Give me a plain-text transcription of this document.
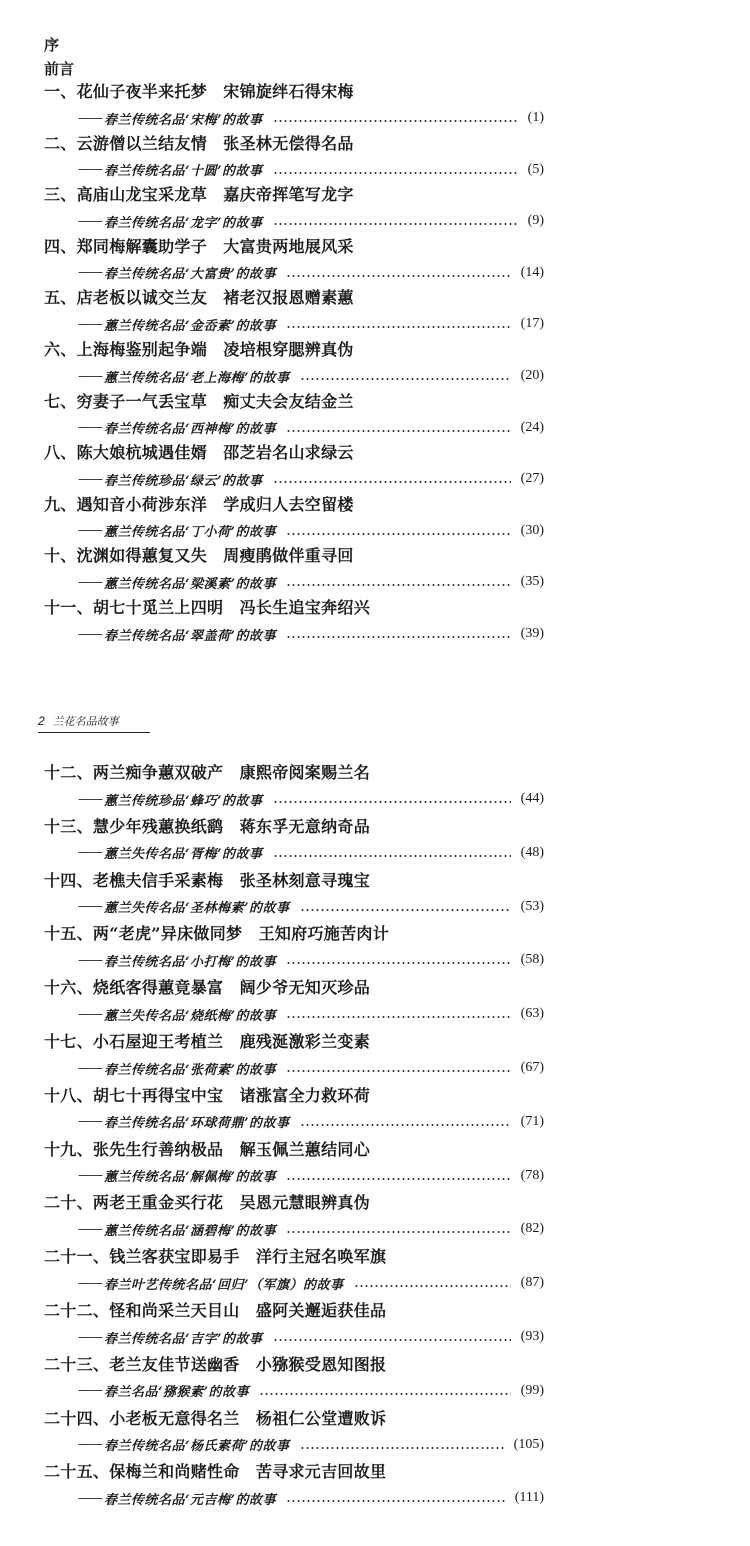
序
前言
一、花仙子夜半来托梦　宋锦旋绊石得宋梅
—— 春兰传统名品‘宋梅’的故事	(1)
二、云游僧以兰结友情　张圣林无偿得名品
—— 春兰传统名品‘十圆’的故事	(5)
三、高庙山龙宝采龙草　嘉庆帝挥笔写龙字
—— 春兰传统名品‘龙字’的故事	(9)
四、郑同梅解囊助学子　大富贵两地展风采
—— 春兰传统名品‘大富贵’的故事	(14)
五、店老板以诚交兰友　褚老汉报恩赠素蕙
—— 蕙兰传统名品‘金岙素’的故事	(17)
六、上海梅鉴别起争端　凌培根穿腮辨真伪
—— 蕙兰传统名品‘老上海梅’的故事	(20)
七、穷妻子一气丢宝草　痴丈夫会友结金兰
—— 春兰传统名品‘西神梅’的故事	(24)
八、陈大娘杭城遇佳婿　邵芝岩名山求绿云
—— 春兰传统珍品‘绿云’的故事	(27)
九、遇知音小荷涉东洋　学成归人去空留楼
—— 蕙兰传统名品‘丁小荷’的故事	(30)
十、沈渊如得蕙复又失　周瘦鹃做伴重寻回
—— 蕙兰传统名品‘梁溪素’的故事	(35)
十一、胡七十觅兰上四明　冯长生追宝奔绍兴
—— 春兰传统名品‘翠盖荷’的故事	(39)
2 兰花名品故事
十二、两兰痴争蕙双破产　康熙帝阅案赐兰名
—— 蕙兰传统珍品‘蜂巧’的故事	(44)
十三、慧少年残蕙换纸鹞　蒋东孚无意纳奇品
—— 蕙兰失传名品‘胥梅’的故事	(48)
十四、老樵夫信手采素梅　张圣林刻意寻瑰宝
—— 蕙兰失传名品‘圣林梅素’的故事	(53)
十五、两“老虎”异床做同梦　王知府巧施苦肉计
—— 春兰传统名品‘小打梅’的故事	(58)
十六、烧纸客得蕙竟暴富　阔少爷无知灭珍品
—— 蕙兰失传名品‘烧纸梅’的故事	(63)
十七、小石屋迎王考植兰　鹿残涎激彩兰变素
—— 春兰传统名品‘张荷素’的故事	(67)
十八、胡七十再得宝中宝　诸涨富全力救环荷
—— 春兰传统名品‘环球荷鼎’的故事	(71)
十九、张先生行善纳极品　解玉佩兰蕙结同心
—— 蕙兰传统名品‘解佩梅’的故事	(78)
二十、两老王重金买行花　吴恩元慧眼辨真伪
—— 蕙兰传统名品‘涵碧梅’的故事	(82)
二十一、钱兰客获宝即易手　洋行主冠名唤军旗
—— 春兰叶艺传统名品‘回归’（军旗）的故事	(87)
二十二、怪和尚采兰天目山　盛阿关邂逅获佳品
—— 春兰传统名品‘吉字’的故事	(93)
二十三、老兰友佳节送幽香　小猕猴受恩知图报
—— 春兰名品‘猕猴素’的故事	(99)
二十四、小老板无意得名兰　杨祖仁公堂遭败诉
—— 春兰传统名品‘杨氏素荷’的故事	(105)
二十五、保梅兰和尚赌性命　苦寻求元吉回故里
—— 春兰传统名品‘元吉梅’的故事	(111)
